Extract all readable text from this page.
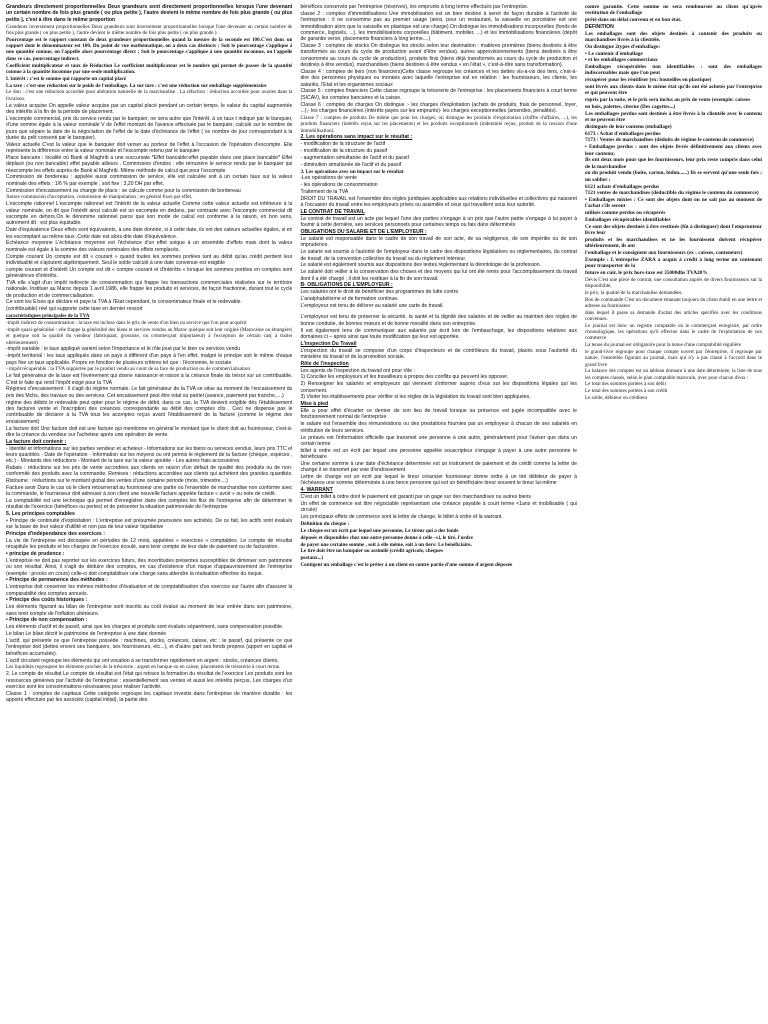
Grandeurs directement proportionnelles Deux grandeurs sont directement proportionnelles lorsque l'une devenant un certain nombre de fois plus grande ( ou plus petite ), l'autre devient le même nombre de fois plus grande ( ou plus petite ), c'est à dire dans le même proportion

Grandeurs inversement proportionnelles Deux grandeurs sont inversement proportionnelles lorsque l'une devenant un certain nombre de fois plus grande ( ou plus petite ), l'autre devient le même nombre de fois plus petite ( ou plus grande ).

Pourcentage est le rapport constant de deux grandeurs proportionnelles quand la mesure de la seconde est 100.C'est donc un rapport dont le dénominateur est 100. Du point de vue mathématique, on a deux cas distincts : Soit le pourcentage s'applique à une quantité connue, on l'appelle alors pourcentage direct ; Soit le pourcentage s'applique à une quantité inconnue, on l'appelle dans ce cas, pourcentage indirect.

Coefficient multiplicateur et taux de Réduction Le coefficient multiplicateur est le nombre qui permet de passer de la quantité connue à la quantité inconnue par une seule multiplication.

L'intérêt : c'est le somme qui rapporte un capital placé

La tare : c'est une réduction sur le poids de l'emballage. La sur tare : c'est une réduction sur emballage supplémentaire

Le don : c'est une réduction accordée pour altération naturelle de la marchandise . La réfaction : réduction accordée pour avaries dans la livraison.

La valeur acquise On appelle valeur acquise par un capital placé pendant un certain temps, le valeur du capital augmentée des intérêts à la fin de la période de placement.

L'escompte commercial, prix du service rendu par le banquier, ne sera autre que l'intérêt, à un taux t indiqué par le banquier, d'une somme égale à la valeur nominale V de l'effet montant de l'avance effectuée par le banquier, calculé sur le nombre de jours que sépare la date de la négociation de l'effet de la date d'échéance de l'effet ( ce nombre de jour correspondant à la durée du prêt consenti par le banquier).

Valeur actuelle C'est la valeur que le banquier doit verser au porteur de l'effet à l'occasion de l'opération d'escompte. Elle représente la différence entre la valeur nominale et l'escompte retenu par le banquier

Place bancaire : localité où Bank al Maghrib a une succursale *Effet bancable:effet payable dans une place bancable* Effet déplacé (ou non bancable) effet payable ailleurs . Commission d'endos : elle rémunère le service rendu par le banquier qui réescompte les effets auprès de Bank al Maghrib. Même méthode de calcul que pour l'escompte

Commission de bordereau : appelée aussi commission de service, elle est calculée soit à un certain taux sur la valeur nominale des effets : 1/6 % par exemple , soit fixe : 3,20 DH par effet.

Commission d'encaissement ou change de place : se calcule comme pour la commission de bordereau

Autres commission d'acceptation, commission de manipulation ; en général fixes par effet.

L'escompte rationnel L'escompte rationnel est l'intérêt de la valeur actuelle Comme cette valeur actuelle est inférieure à la valeur nominale, on dit que l'intérêt ainsi calculé est un escompte en dedans, par contraste avec l'escompte commercial dit escompte en dehors.On le dénomme rationnel parce que son mode de calcul est conforme à la raison, en bon sens, autrement dit : est plus équitable.

Date d'équivalence Deux effets sont équivalents, à une date donnée, si à cette date, ils ont des valeurs actuelles égales, si en les escomptant au même taux .Cette date est alors dite date d'équivalence.

Échéance moyenne L'échéance moyenne est l'échéance d'un effet unique à un ensemble d'effets mais dont la valeur nominale est égale à la somme des valeurs nominales des effets remplacés.

Compte courant Un compte est dit « courant » quand toutes les sommes portées tant au débit qu'au crédit perdent leur individualité et s'ajoutent algébriquement. Seul le solde calculé à une date convenue est exigible

compte courant et d'intérêt Un compte est dit « compte courant et d'intérêts » lorsque les sommes portées en comptes sont génératrices d'intérêts.

TVA elle s'agit d'un impôt indirecte de consommation qui frappe les transactions commerciales réalisées sur le territoire nationale. Instituer au Maroc depuis 1 avril 1986, elle frappe les produits et services, de façon fractionné, durant tout le cycle de production et de commercialisation.

Ce sont les E/ses qui déclare et paye la TVA à l'Etat cependant, le consommateur finale et le redevable.

(contribuable) réel qui supporte cette taxe en dernier ressort

caractéristiques principales de la TVA

-impôt indirect de consommation : la taxe est incluse dans le prix de vente d'un bien ou service que l'on peut acquérir

-impôt quasi-généralisé : elle frappe la généralité des biens et services vendus au Maroc quelque soit leur origine (Marocaine ou étrangère) et quelque soit la qualité du vendeur (fabriquant, grossiste, ou commerçant importateur) à l'exception de certain cas( à traiter ultérieurement)

-impôt variable : le taux appliqué varient selon l'importance et le rôle joué par le bien ou services vendu

-impôt territorial : les taux appliqués dans un pays à différent d'un pays à l'en effet, malgré le principe soit le même chaque pays fixe un taux applicable. Propre en fonction de plusieurs critères tel que : l'économie, le sociale

- impôt récupérable : la TVA supportée par le produit vendu au court de sa face de production ou de commercialisation

Le fait générateur de la taxe est l'événement qui donne naissance et raison à la créance finale du trésor sur un contribuable. C'est le faite qui rend l'impôt exigé pour la TVA

Régimes d'encaissement : il s'agit du régime normale. Le fait générateur de la TVA se situe au moment de l'encaissement du prix des Mchs, des travaux ou des services. Cet encaissement peut être total ou partiel (avance, paiement par tranche,....)

régime des débits le redevable peut opter pour le régime de débit, dans ce cas, la TVA devient exigible dès l'établissement des factures vente et l'inscription des créances correspondante au débit des comptes clts . Ceci ne dispense pas le contribuable de déclarer à la TVA tous les acomptes reçus avant l'établissement de la facture (comme le régime des encaissement)

La facture doit Une facture doit est une facture qui mentionne en général le montant que le client doit au fournisseur, c'est-à-dire la créance du vendeur sur l'acheteur après une opération de vente.

La facture doit contenir :

- Identité et informations sur les parties vendeur et acheteur - Informations sur les biens ou services vendus, leurs prix TTC et leurs quantités - Date de l'opération - Information sur les moyens ou ont permis le règlement de la facture (chèque, espèces , etc.) - Montants des réductions - Montant de la taxe sur la valeur ajoutée - Les autres frais accessoires

Rabais : réductions sur les prix de vente accordées aux clients en raison d'un défaut de qualité des produits ou de non-conformité des produits avec la commande. Remises : réductions accordées aux clients qui achètent des grandes quantités. Ristourne : réductions sur le montant global des ventes d'une certaine période (mois, trimestre....)

Facture avoir Dans le cas où le client retournerait au fournisseur une partie ou l'ensemble de marchandise non conforme avec la commande, le fournisseur doit adresser à son client une nouvelle facture appelée facture « avoir » ou note de crédit.

La comptabilité est une technique qui permet d'enregistrer dans des comptes les flux de l'entreprise afin de déterminer le résultat de l'exercice (bénéfices ou pertes) et de présenter la situation patrimoniale de l'entreprise

5. Les principes comptables

• Principe de continuité d'exploitation : L'entreprise est présumée poursuivre ses activités. De ce fait, les actifs sont évalués sur la base de leur valeur d'utilité et non pas de leur valeur liquidative

Principe d'indépendance des exercices :

La vie de l'entreprise est découpée en périodes de 12 mois, appelées « exercices » comptables. Le compte de résultat récapitule les produits et les charges de l'exercice écoulé, sans tenir compte de leur date de paiement ou de facturation.

• principe de prudence :

L'entreprise ne doit pas reporter sur les exercices futurs, des incertitudes présentes susceptibles de diminuer son patrimoine ou son résultat. Ainsi, il s'agit de déduire des comptes, en cas d'existence d'un risque d'appauvrissement de l'entreprise (exemple : procès en cours) celle-ci doit comptabiliser une charge sans attendre la réalisation effective du risque.

• Principe de permanence des méthodes :

L'entreprise doit conserver les mêmes méthodes d'évaluation et de comptabilisation d'un exercice sur l'autre afin d'assurer la comparabilité des comptes annuels.

• Principe des coûts historiques :

Les éléments figurant au bilan de l'entreprise sont inscrits au coût évalué au moment de leur entrée dans son patrimoine, sans tenir compte de l'inflation ultérieure.

• Principe de non compensation :

Les éléments d'actif et de passif, ainsi que les charges et produits sont évalués séparément, sans compensation possible.

Le bilan Le bilan décrit le patrimoine de l'entreprise à une date donnée

L'actif, qui présente ce que l'entreprise possède : machines, stocks, créances, caisse, etc : le passif, qui présente ce que l'entreprise doit (dettes envers ses banquiers, ses fournisseurs, etc...), et d'autre part ses fonds propres (apport en capital et bénéfices accumulés).

L'actif circulant regroupe les éléments qui ont vocation à se transformer rapidement en argent : stocks, créances clients,

Les liquidités regroupent les éléments proches de la trésorerie : argent en banque ou en caisse, placements de trésorerie à court terme.

2. Le compte de résultat Le compte de résultat est l'état qui retrace la formation du résultat de l'exercice Les produits sont les ressources générées par l'activité de l'entreprise : essentiellement ses ventes et aussi les intérêts perçus, Les charges d'un exercice sont les consommations nécessaires pour réaliser l'activité.

Classe 1 : comptes de capitaux Cette catégorie regroupe les capitaux investis dans l'entreprise de manière durable : les apports effectués par les associés (capital initial), la partie des

bénéfices conservés par l'entreprise (réserves), les emprunts à long terme effectués par l'entreprise.

classe 2 : comptes d'immobilisations Une immobilisation est un bien destiné à servir de façon durable à l'activité de l'entreprise : il ne consomme pas au premier usage (ainsi, pour un restaurant, la vaisselle en porcelaine est une immobilisation alors que la vaisselle en plastique est une charge).On distingue les immobilisations incorporelles (fonds de commerce, logiciels, ...), les immobilisations corporelles (bâtiment, mobilier, ...) et les immobilisations financières (dépôt de garantie versé, placements financiers à long terme....)

Classe 3 : comptes de stocks On distingue les stocks selon leur destination : matières premières (biens destinés à être transformés au cours du cycle de production avant d'être vendus), autres approvisionnements (biens destinés à être consommés au cours du cycle de production), produits finis (biens déjà transformés au cours du cycle de production et destinés à être vendus), marchandises (biens destinés à être vendus « en l'état », c'est-à-dire sans transformation).

Classe 4 : comptes de tiers (non financiers)Cette classe regroupe les créances et les dettes vis-à-vis des tiers, c'est-à-dire des personnes physiques ou morales avec laquelle l'entreprise est en relation : les fournisseurs, les clients, les salariés, l'Etat et les organismes sociaux

Classe 5 : comptes financiers Cette classe regroupe la trésorerie de l'entreprise : les placements financiers à court terme (SICAV), les comptes bancaires et la caisse.

Classe 6 : comptes de charges On distingue :- les charges d'exploitation (achats de produits, frais de personnel, loyer, ...),- les charges financières (intérêts payés sur les emprunts)- les charges exceptionnelles (amendes, pénalités).

Classe 7 : comptes de produits De même que pour les charges, on distingue les produits d'exploitation (chiffre d'affaires, ...), les produits financiers (intérêts reçus sur les placements) et les produits exceptionnels (indemnité reçue, produit de la cession d'une immobilisation).

2. Les opérations sans impact sur le résultat :

- modification de la structure de l'actif

- modification de la structure du passif

- augmentation simultanée de l'actif et du passif

- diminution simultanée de l'actif et du passif

3. Les opérations avec un impact sur le résultat

-Les opérations de vente

- les opérations de consommation

Traitement de la TVA

DROIT DU TRAVAIL est l'ensemble des règles juridiques applicables aux relations individuelles et collectives qui naissent à l'occasion du travail entre les employeurs privés ou assimilés et ceux qui travaillent sous leur autorité.

LE CONTRAT DE TRAVAIL

Le contrat de travail est un acte par lequel l'une des parties s'engage à un prix que l'autre partie s'engage à lui payer à fournir à cette dernière, ses services personnels pour certaines temps ou fais dans déterminés

OBLIGATIONS DU SALARIE ET DE L'EMPLOYEUR :

Le salarié est responsable dans le cadre de son travail de son acte, de sa négligence, de son impéritie ou de son imprudence.

Le salarié est soumis à l'autorité de l'employeur dans le cadre des dispositions législatives ou réglementaires, du contrat de travail, de la convention collective du travail ou du règlement intérieur.

Le salarié est également soumis aux dispositions des textes réglementant la déontologie de la profession.

Le salarié doit veiller à la conservation des choses et des moyens qui lui ont été remis pour l'accomplissement du travail dont il a été chargé ; il doit les restituer à la fin de son travail.

B- OBLIGATIONS DE L'EMPLOYEUR :

Les salariés ont le droit de bénéficier des programmes de lutte contre

L'analphabétisme et de formation continue.

L'employeur est tenu de délivrer au salarié une carte de travail.

L'employeur est tenu de préserver la sécurité, la santé et la dignité des salariés et de veiller au maintien des règles de bonne conduite, de bonnes mœurs et de bonne moralité dans son entreprise.

Il est également tenu de communiquer aux salariés par écrit lors de l'embauchage, les dispositions relatives aux domaines ci – après ainsi que toute modification qui leur est apportée.

L'inspection Du Travail

L'inspection du travail se compose d'un corps d'inspecteurs et de contrôleurs du travail, placés sous l'autorité du ministère du travail et de la promotion sociale.

Rôle de l'inspection

Les agents de l'inspection du travail ont pour rôle :

1) Concilier les employeurs et les travailleurs à propos des conflits qui peuvent les opposer.

2) Renseigner les salariés et employeurs qui viennent s'informer auprès d'eux sur les dispositions légales qui les concernent.

3) Visiter les établissements pour vérifier si les règles de la législation du travail sont bien appliquées.

Mise à pied

Elle a pour effet d'écarter ce dernier de son lieu de travail lorsque sa présence est jugée incompatible avec le fonctionnement normal de l'entreprise

le salaire est l'ensemble des rémunérations ou des prestations fournies par un employeur à chacun de ses salariés en rétribution de leurs services.

Le préavis est l'information officielle que transmet une personne à une autre, généralement pour l'aviser que dans un certain terme

billet à ordre est un écrit par lequel une personne appelée souscripteur s'engage à payer à une autre personne le bénéficiaire

Une certaine somme à une date d'échéance déterminée est un instrument de paiement et de crédit comme la lettre de change il se transmet par voie d'endossement

Lettre de change est un écrit par lequel le tireur créancier fournisseur donne ordre à un tiré débiteur de payer à l'échéance une somme déterminée à une tierce personne qui est un bénéficiaire tireur souvent le tireur lui-même

4- WARRANT

C'est un billet à ordre dont le paiement est garanti par un gage sur des marchandises ou autres biens

Un effet de commerce est titre négociable représentant une créance payable à court terme <1ans et mobilisable ( qui circule)

Les principaux effets de commerce sont la lettre de change, le billet à ordre et la warrant.

Définition du chèque :

Le chèque est un écrit par lequel une personne, Le tireur qui a des fonds

déposés et disponibles chez une autre personne donne à celle –ci, le tiré, l'ordre

de payer une certaine somme , soit à elle même, soit à un tiers: Le bénéficiaire.

Le tiré doit être un banquier ou assimilé (crédit agricole, chèques

postaux...)

Contigent un emballage c'est le prêter à un client en contre partie d'une somme d'argent déposée

contre garantie. Cette somme ne sera remboursée au client qu'après restitution de l'emballage

prêté dans un délai convenu et en bon état.

DEFINITION

Les emballages sont des objets destinés à contenir des produits ou marchandises livrés à la clientèle.

On distingue 2types d'emballage:

• Le contenir d'emballage

• et les emballages commerciaux

Emballages récupérables non identifiables : sont des emballages indiscernables mais que l'on peut

récupérer pour les réutiliser (ex: bouteilles en plastique)

sont livrés aux clients dans le même état qu'ils ont été achetés par l'entreprise et qui peuvent être

repris par la suite, et le prix sera inclus au prix de vente (exemple: caisses

en bois, palettes, citerne (Des cagettes...)

Les emballages perdus sont destinés à être livrés à la clientèle avec le contenu et ne peuvent être

distingués de leur contenu (emballage)

6173 / Achat d'emballages perdus

7173 / Ventes de marchandises (déduits de régime le contenu de commerce)

• Emballages perdus : sont des objets livrés définitivement aux clients avec leur contenu;

Ils ont deux mots pour que les fournisseurs, leur prix reste compris dans celui de la marchandise

ou du produit vendu (boîte, carton, bidon......) Ils se servent qu'une seule fois ; un sablier ;

6121 achats d'emballages perdus

7121 ventes de marchandises (déductible du régime le contenu du commerce)

• Emballages mixtes : Ce sont des objets dont on ne sait pas au moment de l'achat s'ils seront

utilisés comme perdus ou récupérés

Emballages récupérables identifiables

Ce sont des objets destinés à être restitués (fût à distinguer) dont l'emprunteur livre leur

produits et les marchandises et ne les fournissent doivent récupérer ultérieurement, ils ont

l'emballage et le consignent aux fournisseurs (ex : caisses, conteneurs)

Exemple : L'entreprise ZARA a acquis à crédit à long terme un contenant pour transporter de la

future en cuir, le prix hors-taxe est 35000dhs TVA20%

Devis C'est une pièce de contrat, une consultation auprès de divers fournisseurs sur la disponibilité,

le prix, la qualité de la marchandise demandées.

Bon de commande C'est un document émanant toujours du client établi en une lettre et adresse au fournisseur

dans lequel il passe sa demande d'achat des articles spécifiés avec les conditions convenues.

Le journal est donc un registre comptable où le commerçant enregistre, par ordre chronologique, les opérations qu'il effectue dans le cadre de l'exploitation de son commerce

La tenue du journal est obligatoire pour la tenue d'une comptabilité régulière

le grand-livre regroupe pour chaque compte ouvert par l'entreprise, il regroupe par nature, l'ensemble figurant au journal, mais qui n'y a pas classé à l'accord dans le grand livre

La balance des comptes est un tableau donnant à une date déterminée, la liste de tous les comptes classés, selon le plan comptable marocain, avec pour chacun d'eux :

Le total des sommes portées à son débit

Le total des sommes portées à son crédit

Le solde, débiteur ou créditeur
